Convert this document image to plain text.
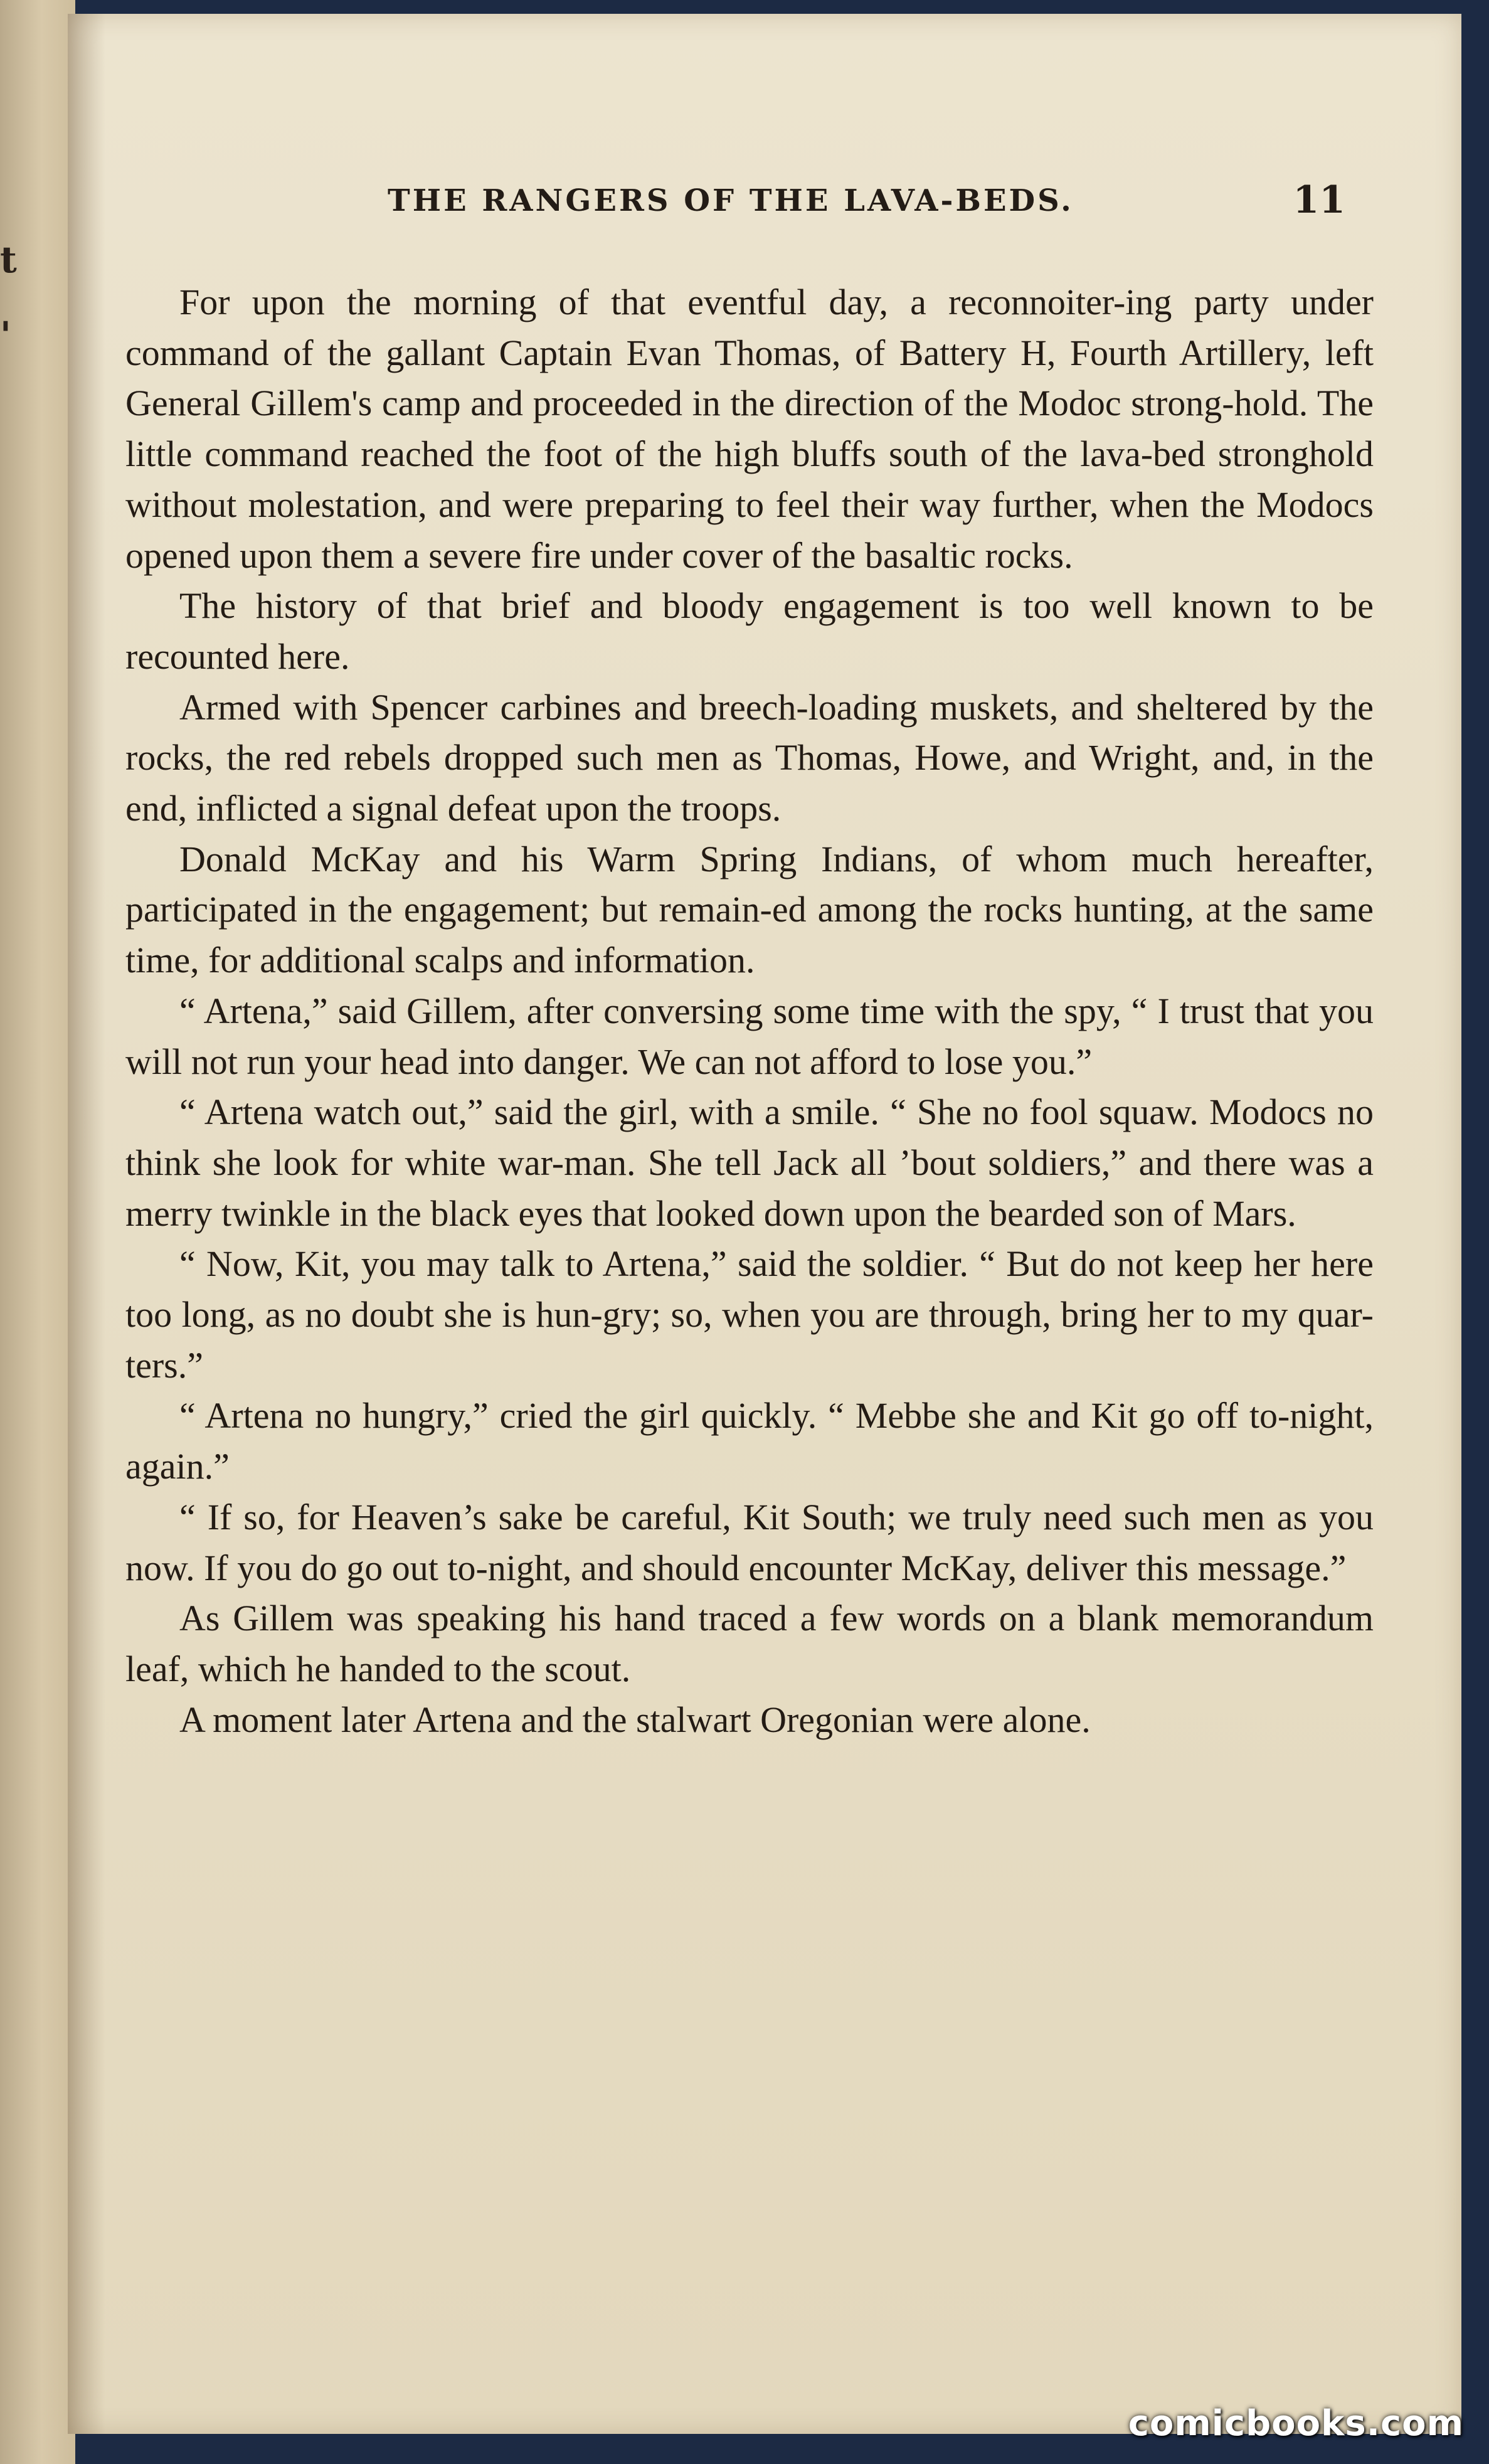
t
'
THE RANGERS OF THE LAVA-BEDS.	11

For upon the morning of that eventful day, a reconnoiter-ing party under command of the gallant Captain Evan Thomas, of Battery H, Fourth Artillery, left General Gillem's camp and proceeded in the direction of the Modoc strong-hold. The little command reached the foot of the high bluffs south of the lava-bed stronghold without molestation, and were preparing to feel their way further, when the Modocs opened upon them a severe fire under cover of the basaltic rocks.

The history of that brief and bloody engagement is too well known to be recounted here.

Armed with Spencer carbines and breech-loading muskets, and sheltered by the rocks, the red rebels dropped such men as Thomas, Howe, and Wright, and, in the end, inflicted a signal defeat upon the troops.

Donald McKay and his Warm Spring Indians, of whom much hereafter, participated in the engagement; but remain-ed among the rocks hunting, at the same time, for additional scalps and information.

“ Artena,” said Gillem, after conversing some time with the spy, “ I trust that you will not run your head into danger. We can not afford to lose you.”

“ Artena watch out,” said the girl, with a smile. “ She no fool squaw. Modocs no think she look for white war-man. She tell Jack all ’bout soldiers,” and there was a merry twinkle in the black eyes that looked down upon the bearded son of Mars.

“ Now, Kit, you may talk to Artena,” said the soldier. “ But do not keep her here too long, as no doubt she is hun-gry; so, when you are through, bring her to my quar-ters.”

“ Artena no hungry,” cried the girl quickly. “ Mebbe she and Kit go off to-night, again.”

“ If so, for Heaven’s sake be careful, Kit South; we truly need such men as you now. If you do go out to-night, and should encounter McKay, deliver this message.”

As Gillem was speaking his hand traced a few words on a blank memorandum leaf, which he handed to the scout.

A moment later Artena and the stalwart Oregonian were alone.

comicbooks.com
